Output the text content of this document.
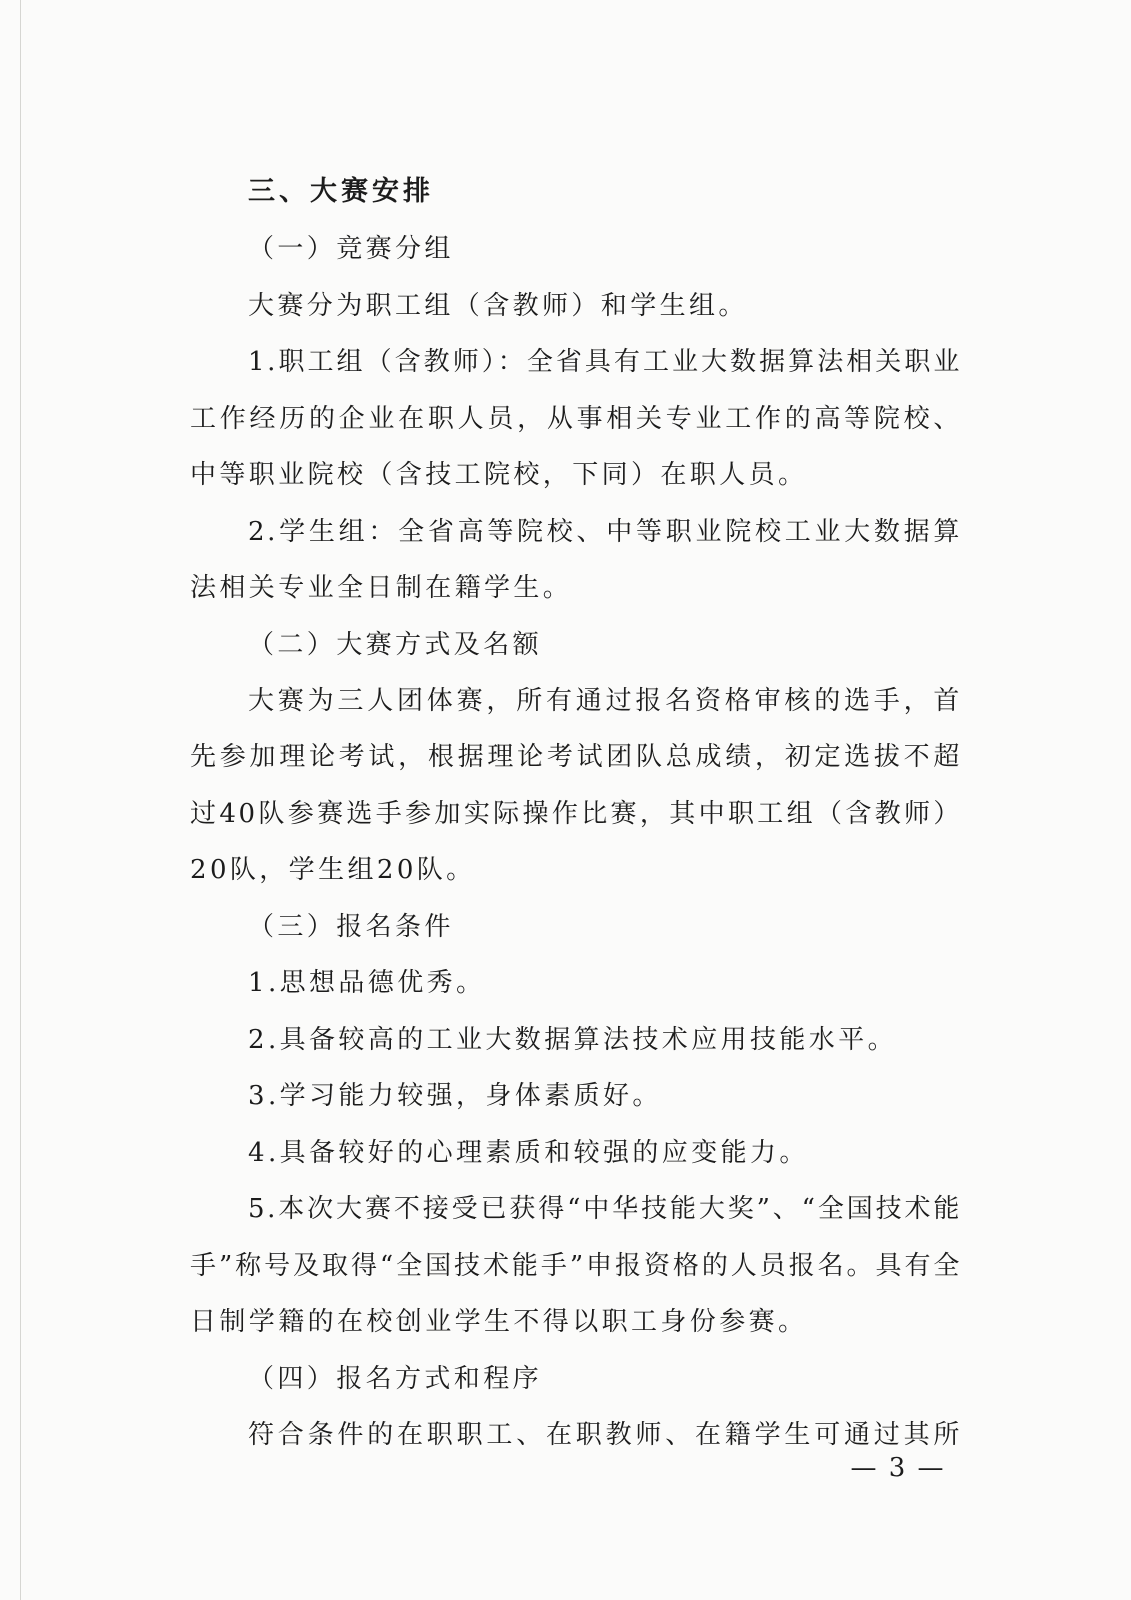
三、大赛安排
（一）竞赛分组
大赛分为职工组（含教师）和学生组。
1.职工组（含教师）：全省具有工业大数据算法相关职业
工作经历的企业在职人员，从事相关专业工作的高等院校、
中等职业院校（含技工院校，下同）在职人员。
2.学生组：全省高等院校、中等职业院校工业大数据算
法相关专业全日制在籍学生。
（二）大赛方式及名额
大赛为三人团体赛，所有通过报名资格审核的选手，首
先参加理论考试，根据理论考试团队总成绩，初定选拔不超
过40队参赛选手参加实际操作比赛，其中职工组（含教师）
20队，学生组20队。
（三）报名条件
1.思想品德优秀。
2.具备较高的工业大数据算法技术应用技能水平。
3.学习能力较强，身体素质好。
4.具备较好的心理素质和较强的应变能力。
5.本次大赛不接受已获得“中华技能大奖”、“全国技术能
手”称号及取得“全国技术能手”申报资格的人员报名。具有全
日制学籍的在校创业学生不得以职工身份参赛。
（四）报名方式和程序
符合条件的在职职工、在职教师、在籍学生可通过其所
— 3 —
